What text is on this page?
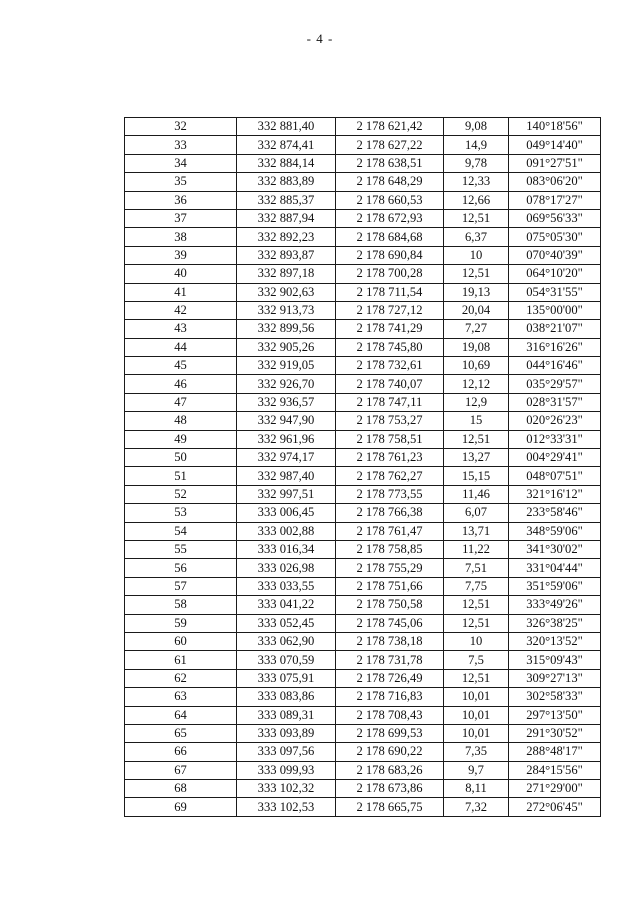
- 4 -
32	332 881,40	2 178 621,42	9,08	140°18'56"
33	332 874,41	2 178 627,22	14,9	049°14'40"
34	332 884,14	2 178 638,51	9,78	091°27'51"
35	332 883,89	2 178 648,29	12,33	083°06'20"
36	332 885,37	2 178 660,53	12,66	078°17'27"
37	332 887,94	2 178 672,93	12,51	069°56'33"
38	332 892,23	2 178 684,68	6,37	075°05'30"
39	332 893,87	2 178 690,84	10	070°40'39"
40	332 897,18	2 178 700,28	12,51	064°10'20"
41	332 902,63	2 178 711,54	19,13	054°31'55"
42	332 913,73	2 178 727,12	20,04	135°00'00"
43	332 899,56	2 178 741,29	7,27	038°21'07"
44	332 905,26	2 178 745,80	19,08	316°16'26"
45	332 919,05	2 178 732,61	10,69	044°16'46"
46	332 926,70	2 178 740,07	12,12	035°29'57"
47	332 936,57	2 178 747,11	12,9	028°31'57"
48	332 947,90	2 178 753,27	15	020°26'23"
49	332 961,96	2 178 758,51	12,51	012°33'31"
50	332 974,17	2 178 761,23	13,27	004°29'41"
51	332 987,40	2 178 762,27	15,15	048°07'51"
52	332 997,51	2 178 773,55	11,46	321°16'12"
53	333 006,45	2 178 766,38	6,07	233°58'46"
54	333 002,88	2 178 761,47	13,71	348°59'06"
55	333 016,34	2 178 758,85	11,22	341°30'02"
56	333 026,98	2 178 755,29	7,51	331°04'44"
57	333 033,55	2 178 751,66	7,75	351°59'06"
58	333 041,22	2 178 750,58	12,51	333°49'26"
59	333 052,45	2 178 745,06	12,51	326°38'25"
60	333 062,90	2 178 738,18	10	320°13'52"
61	333 070,59	2 178 731,78	7,5	315°09'43"
62	333 075,91	2 178 726,49	12,51	309°27'13"
63	333 083,86	2 178 716,83	10,01	302°58'33"
64	333 089,31	2 178 708,43	10,01	297°13'50"
65	333 093,89	2 178 699,53	10,01	291°30'52"
66	333 097,56	2 178 690,22	7,35	288°48'17"
67	333 099,93	2 178 683,26	9,7	284°15'56"
68	333 102,32	2 178 673,86	8,11	271°29'00"
69	333 102,53	2 178 665,75	7,32	272°06'45"
